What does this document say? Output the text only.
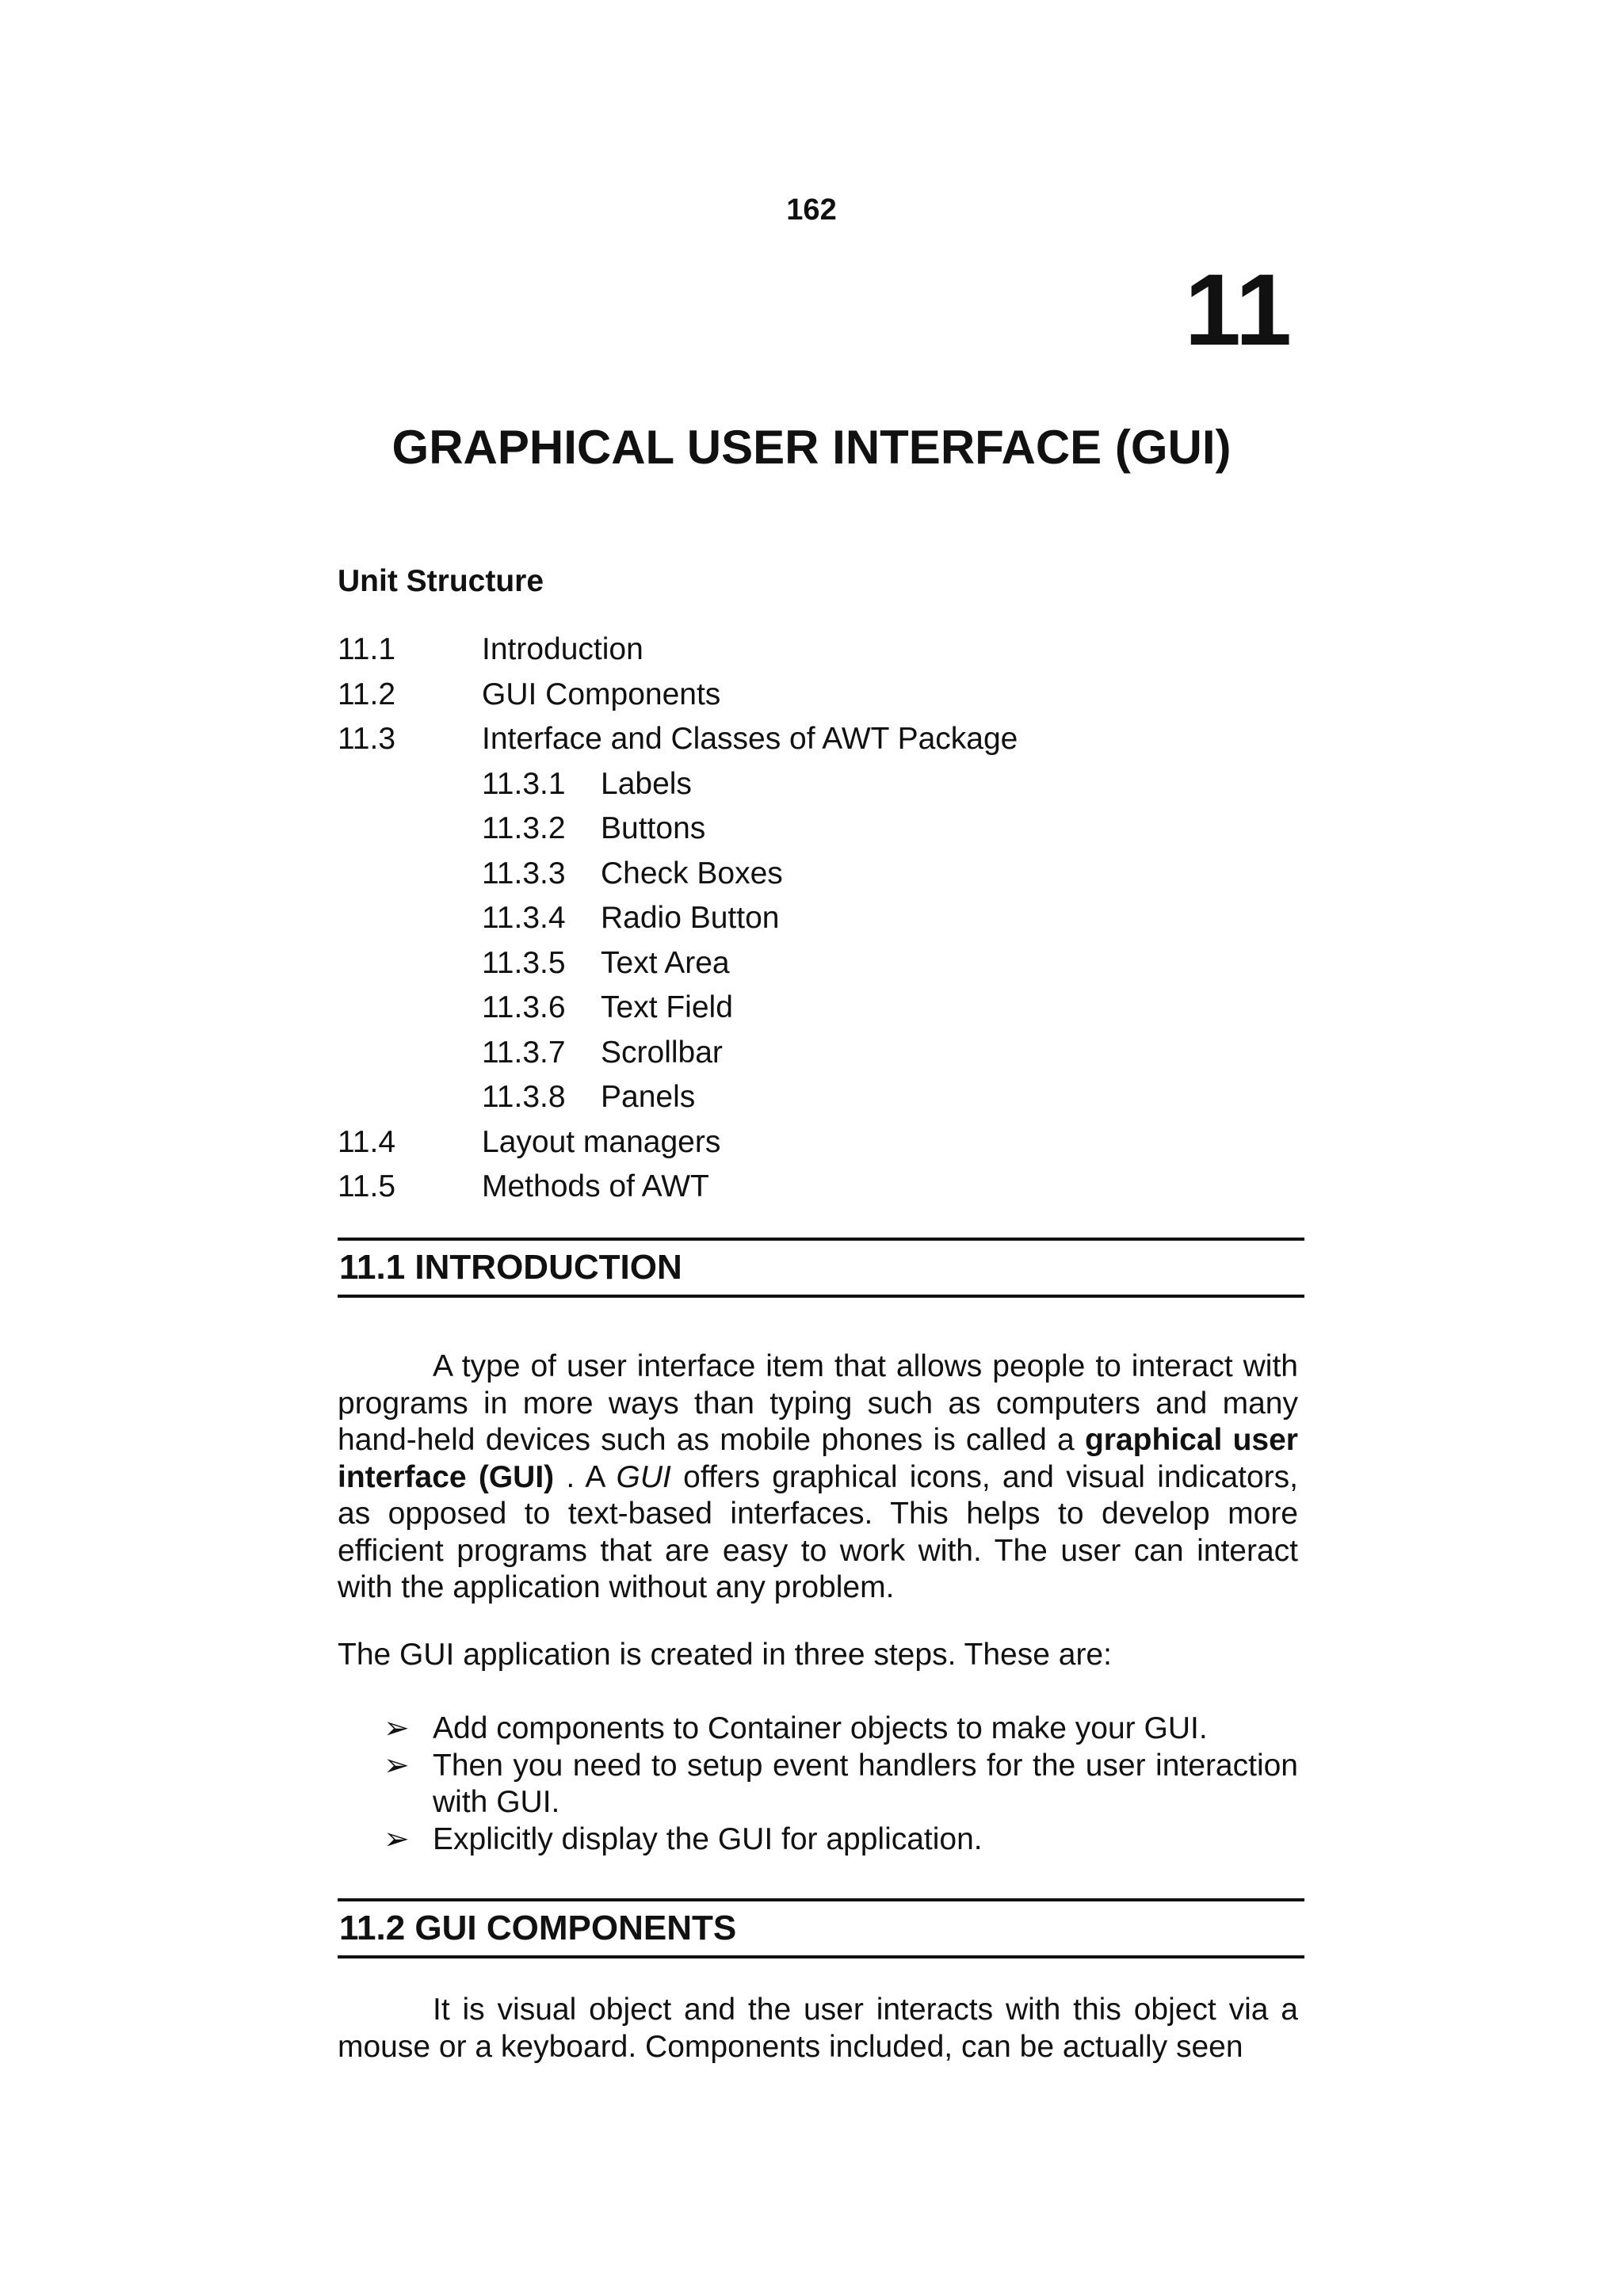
162
11
GRAPHICAL USER INTERFACE (GUI)
Unit Structure
11.1	Introduction
11.2	GUI Components
11.3	Interface and Classes of AWT Package
11.3.1 Labels
11.3.2 Buttons
11.3.3 Check Boxes
11.3.4 Radio Button
11.3.5 Text Area
11.3.6 Text Field
11.3.7 Scrollbar
11.3.8 Panels
11.4	Layout managers
11.5	Methods of AWT
11.1 INTRODUCTION

A type of user interface item that allows people to interact with programs in more ways than typing such as computers and many hand-held devices such as mobile phones is called a graphical user interface (GUI) . A GUI offers graphical icons, and visual indicators, as opposed to text-based interfaces. This helps to develop more efficient programs that are easy to work with. The user can interact with the application without any problem.

The GUI application is created in three steps. These are:

➢ Add components to Container objects to make your GUI.
➢ Then you need to setup event handlers for the user interaction with GUI.
➢ Explicitly display the GUI for application.
11.2 GUI COMPONENTS

It is visual object and the user interacts with this object via a mouse or a keyboard. Components included, can be actually seen
